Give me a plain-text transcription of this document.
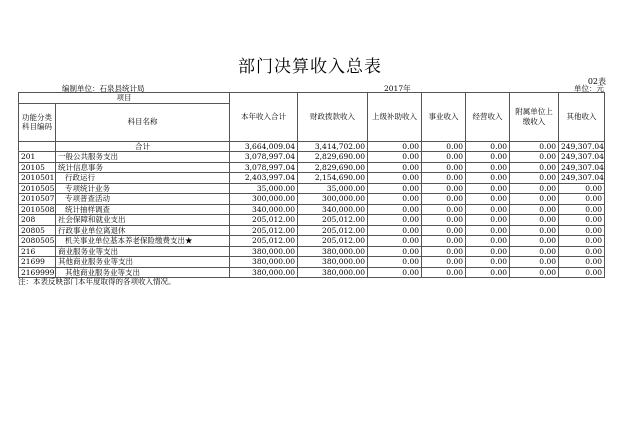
部门决算收入总表
02表
编制单位：石泉县统计局	2017年	单位：元
项目		本年收入合计	财政拨款收入	上级补助收入	事业收入	经营收入	附属单位上缴收入	其他收入
功能分类科目编码	科目名称							
	合计	3,664,009.04	3,414,702.00	0.00	0.00	0.00	0.00	249,307.04
201	一般公共服务支出	3,078,997.04	2,829,690.00	0.00	0.00	0.00	0.00	249,307.04
20105	统计信息事务	3,078,997.04	2,829,690.00	0.00	0.00	0.00	0.00	249,307.04
2010501	行政运行	2,403,997.04	2,154,690.00	0.00	0.00	0.00	0.00	249,307.04
2010505	专项统计业务	35,000.00	35,000.00	0.00	0.00	0.00	0.00	0.00
2010507	专项普查活动	300,000.00	300,000.00	0.00	0.00	0.00	0.00	0.00
2010508	统计抽样调查	340,000.00	340,000.00	0.00	0.00	0.00	0.00	0.00
208	社会保障和就业支出	205,012.00	205,012.00	0.00	0.00	0.00	0.00	0.00
20805	行政事业单位离退休	205,012.00	205,012.00	0.00	0.00	0.00	0.00	0.00
2080505	机关事业单位基本养老保险缴费支出★	205,012.00	205,012.00	0.00	0.00	0.00	0.00	0.00
216	商业服务业等支出	380,000.00	380,000.00	0.00	0.00	0.00	0.00	0.00
21699	其他商业服务业等支出	380,000.00	380,000.00	0.00	0.00	0.00	0.00	0.00
2169999	其他商业服务业等支出	380,000.00	380,000.00	0.00	0.00	0.00	0.00	0.00
注：本表反映部门本年度取得的各项收入情况。
